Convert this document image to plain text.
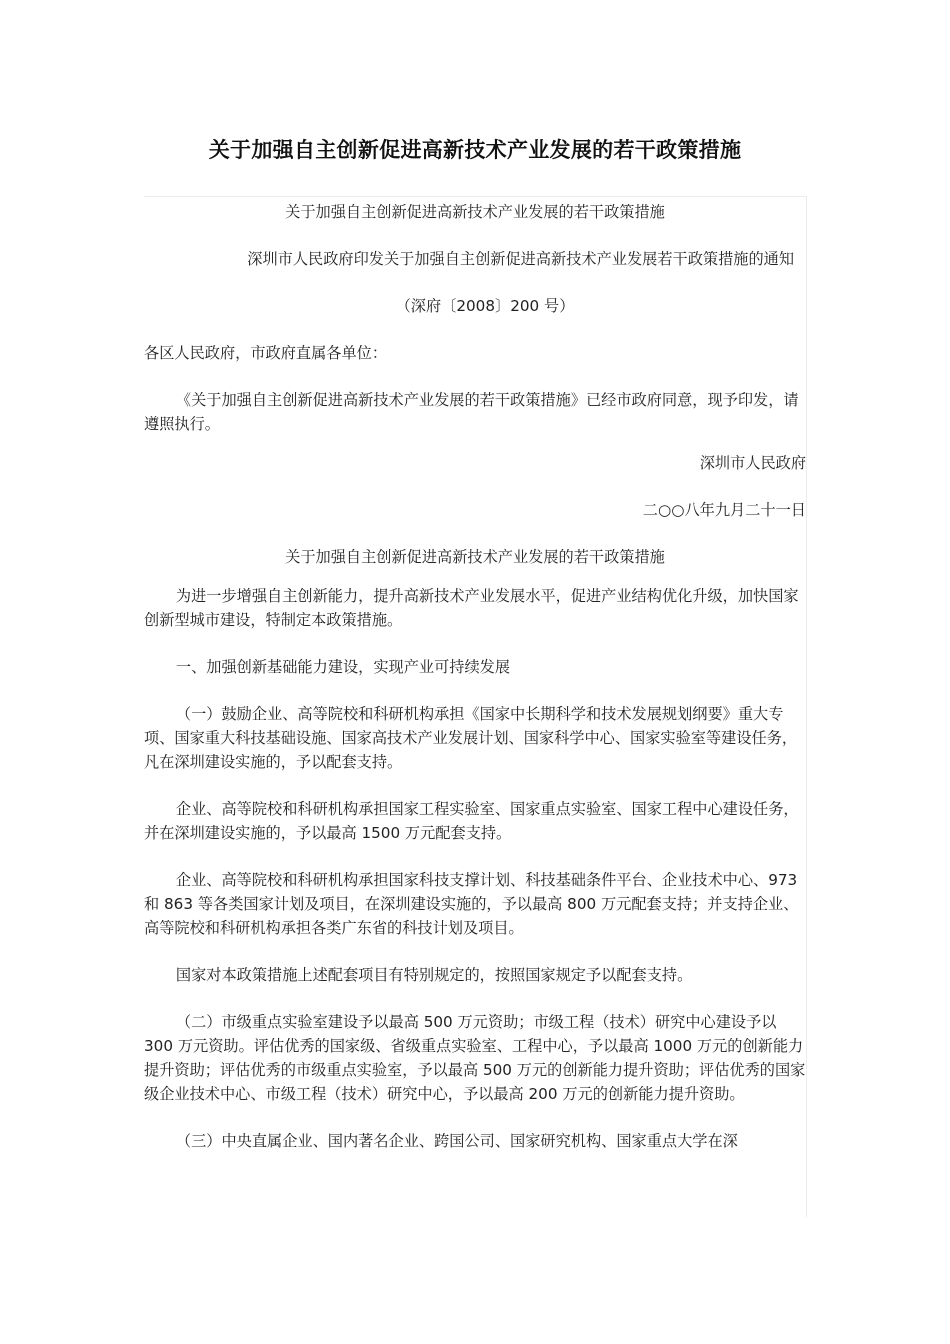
关于加强自主创新促进高新技术产业发展的若干政策措施

关于加强自主创新促进高新技术产业发展的若干政策措施

深圳市人民政府印发关于加强自主创新促进高新技术产业发展若干政策措施的通知

（深府〔2008〕200 号）

各区人民政府，市政府直属各单位：

《关于加强自主创新促进高新技术产业发展的若干政策措施》已经市政府同意，现予印发，请遵照执行。

深圳市人民政府

二○○八年九月二十一日

关于加强自主创新促进高新技术产业发展的若干政策措施

为进一步增强自主创新能力，提升高新技术产业发展水平，促进产业结构优化升级，加快国家创新型城市建设，特制定本政策措施。

一、加强创新基础能力建设，实现产业可持续发展

（一）鼓励企业、高等院校和科研机构承担《国家中长期科学和技术发展规划纲要》重大专项、国家重大科技基础设施、国家高技术产业发展计划、国家科学中心、国家实验室等建设任务，凡在深圳建设实施的，予以配套支持。

企业、高等院校和科研机构承担国家工程实验室、国家重点实验室、国家工程中心建设任务，并在深圳建设实施的，予以最高 1500 万元配套支持。

企业、高等院校和科研机构承担国家科技支撑计划、科技基础条件平台、企业技术中心、973 和 863 等各类国家计划及项目，在深圳建设实施的，予以最高 800 万元配套支持；并支持企业、高等院校和科研机构承担各类广东省的科技计划及项目。

国家对本政策措施上述配套项目有特别规定的，按照国家规定予以配套支持。

（二）市级重点实验室建设予以最高 500 万元资助；市级工程（技术）研究中心建设予以 300 万元资助。评估优秀的国家级、省级重点实验室、工程中心，予以最高 1000 万元的创新能力提升资助；评估优秀的市级重点实验室，予以最高 500 万元的创新能力提升资助；评估优秀的国家级企业技术中心、市级工程（技术）研究中心，予以最高 200 万元的创新能力提升资助。

（三）中央直属企业、国内著名企业、跨国公司、国家研究机构、国家重点大学在深
